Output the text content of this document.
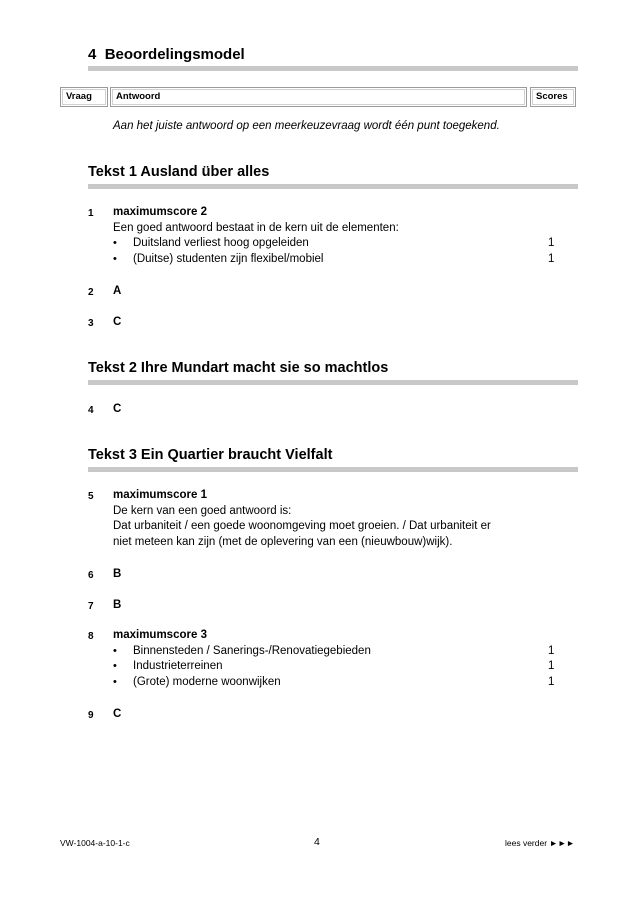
4 Beoordelingsmodel
Vraag	Antwoord	Scores
Aan het juiste antwoord op een meerkeuzevraag wordt één punt toegekend.
Tekst 1 Ausland über alles
1 maximumscore 2
Een goed antwoord bestaat in de kern uit de elementen:
• Duitsland verliest hoog opgeleiden	1
• (Duitse) studenten zijn flexibel/mobiel	1
2 A
3 C
Tekst 2 Ihre Mundart macht sie so machtlos
4 C
Tekst 3 Ein Quartier braucht Vielfalt
5 maximumscore 1
De kern van een goed antwoord is:
Dat urbaniteit / een goede woonomgeving moet groeien. / Dat urbaniteit er
niet meteen kan zijn (met de oplevering van een (nieuwbouw)wijk).
6 B
7 B
8 maximumscore 3
• Binnensteden / Sanerings-/Renovatiegebieden	1
• Industrieterreinen	1
• (Grote) moderne woonwijken	1
9 C
VW-1004-a-10-1-c	4	lees verder ►►►
